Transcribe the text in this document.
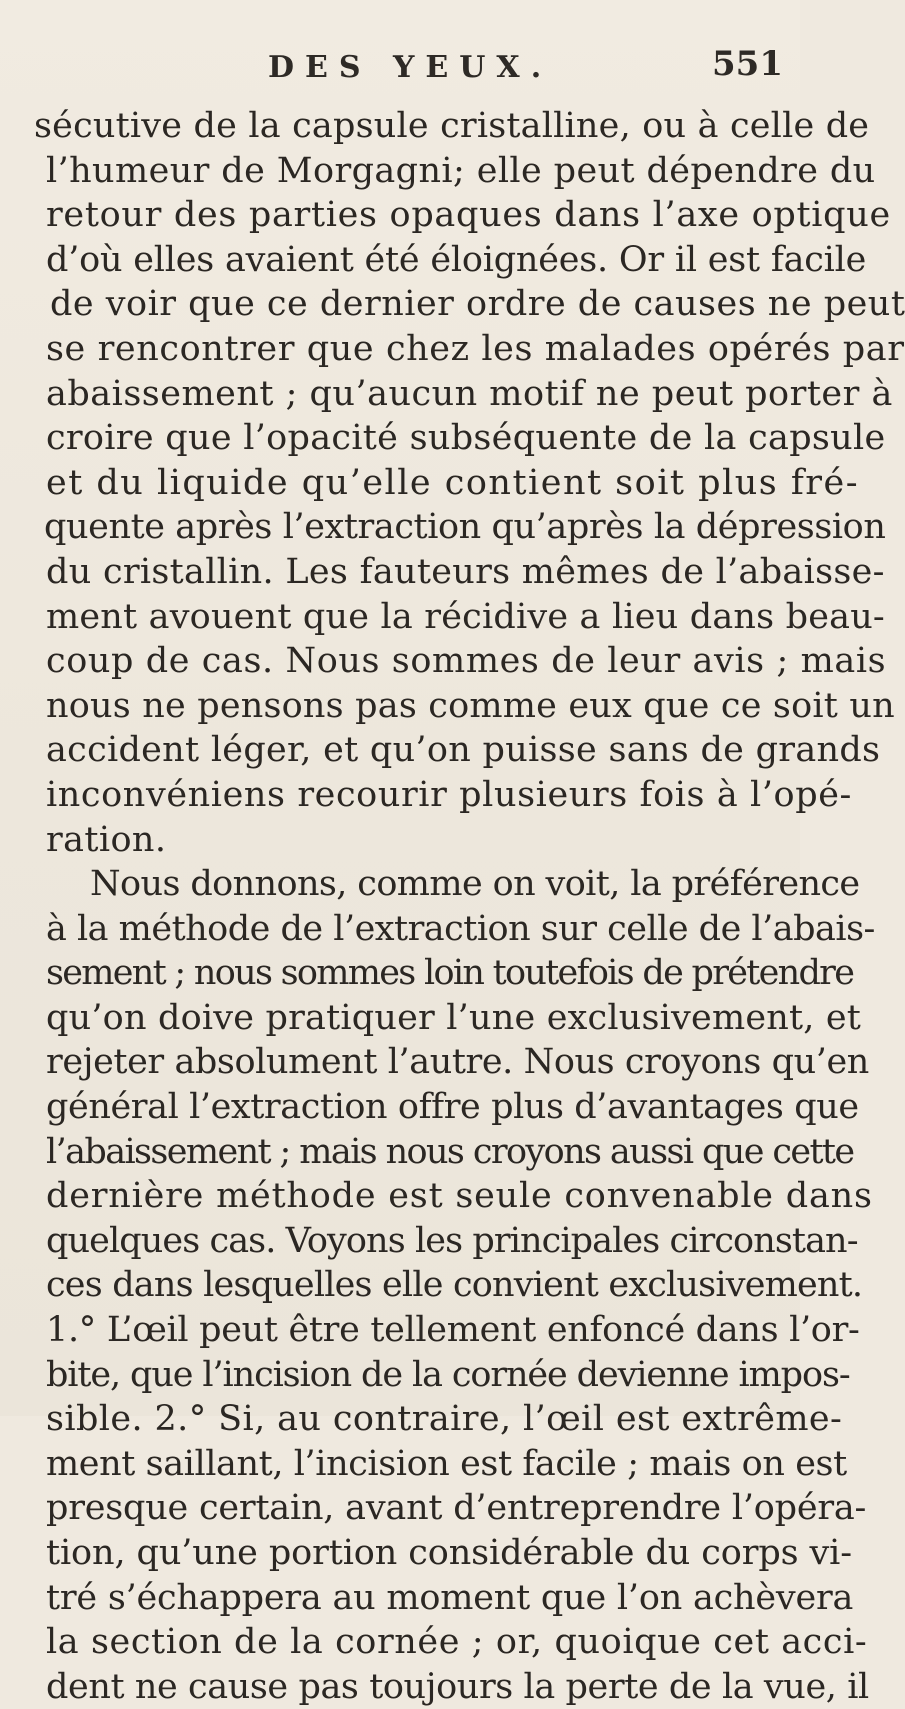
DES YEUX.	551
sécutive de la capsule cristalline, ou à celle de
l’humeur de Morgagni; elle peut dépendre du
retour des parties opaques dans l’axe optique
d’où elles avaient été éloignées. Or il est facile
de voir que ce dernier ordre de causes ne peut
se rencontrer que chez les malades opérés par
abaissement ; qu’aucun motif ne peut porter à
croire que l’opacité subséquente de la capsule
et du liquide qu’elle contient soit plus fré-
quente après l’extraction qu’après la dépression
du cristallin. Les fauteurs mêmes de l’abaisse-
ment avouent que la récidive a lieu dans beau-
coup de cas. Nous sommes de leur avis ; mais
nous ne pensons pas comme eux que ce soit un
accident léger, et qu’on puisse sans de grands
inconvéniens recourir plusieurs fois à l’opé-
ration.
Nous donnons, comme on voit, la préférence
à la méthode de l’extraction sur celle de l’abais-
sement ; nous sommes loin toutefois de prétendre
qu’on doive pratiquer l’une exclusivement, et
rejeter absolument l’autre. Nous croyons qu’en
général l’extraction offre plus d’avantages que
l’abaissement ; mais nous croyons aussi que cette
dernière méthode est seule convenable dans
quelques cas. Voyons les principales circonstan-
ces dans lesquelles elle convient exclusivement.
1.° L’œil peut être tellement enfoncé dans l’or-
bite, que l’incision de la cornée devienne impos-
sible. 2.° Si, au contraire, l’œil est extrême-
ment saillant, l’incision est facile ; mais on est
presque certain, avant d’entreprendre l’opéra-
tion, qu’une portion considérable du corps vi-
tré s’échappera au moment que l’on achèvera
la section de la cornée ; or, quoique cet acci-
dent ne cause pas toujours la perte de la vue, il
